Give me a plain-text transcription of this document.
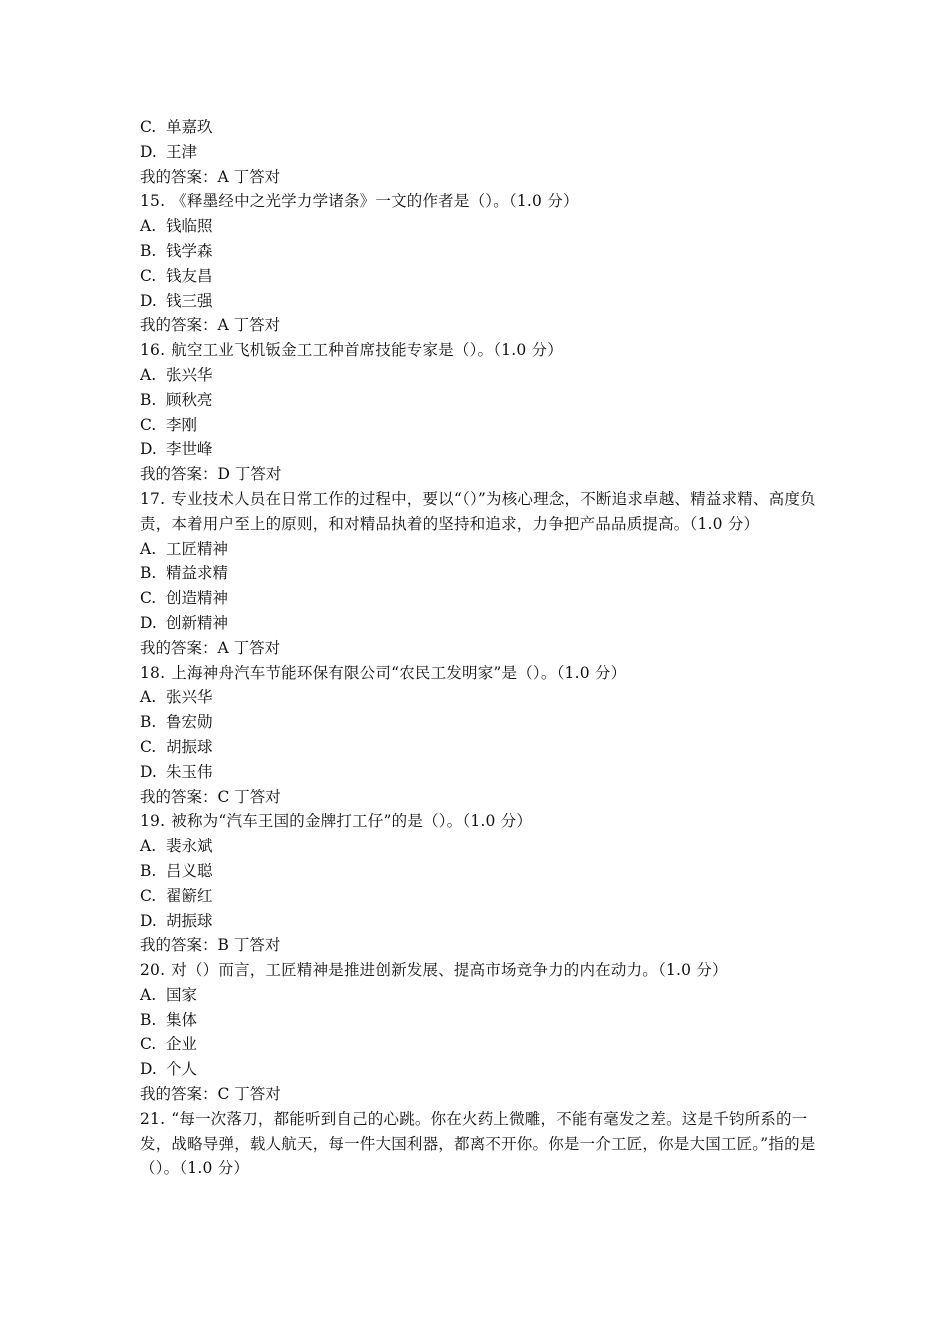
C. 单嘉玖
D. 王津
我的答案：A 丁答对
15. 《释墨经中之光学力学诸条》一文的作者是（）。（1.0 分）
A. 钱临照
B. 钱学森
C. 钱友昌
D. 钱三强
我的答案：A 丁答对
16. 航空工业飞机钣金工工种首席技能专家是（）。（1.0 分）
A. 张兴华
B. 顾秋亮
C. 李刚
D. 李世峰
我的答案：D 丁答对
17. 专业技术人员在日常工作的过程中，要以“（）”为核心理念，不断追求卓越、精益求精、高度负责，本着用户至上的原则，和对精品执着的坚持和追求，力争把产品品质提高。（1.0 分）
A. 工匠精神
B. 精益求精
C. 创造精神
D. 创新精神
我的答案：A 丁答对
18. 上海神舟汽车节能环保有限公司“农民工发明家”是（）。（1.0 分）
A. 张兴华
B. 鲁宏勋
C. 胡振球
D. 朱玉伟
我的答案：C 丁答对
19. 被称为“汽车王国的金牌打工仔”的是（）。（1.0 分）
A. 裴永斌
B. 吕义聪
C. 翟簖红
D. 胡振球
我的答案：B 丁答对
20. 对（）而言，工匠精神是推进创新发展、提高市场竞争力的内在动力。（1.0 分）
A. 国家
B. 集体
C. 企业
D. 个人
我的答案：C 丁答对
21. “每一次落刀，都能听到自己的心跳。你在火药上微雕，不能有毫发之差。这是千钧所系的一发，战略导弹，载人航天，每一件大国利器，都离不开你。你是一介工匠，你是大国工匠。”指的是（）。（1.0 分）
